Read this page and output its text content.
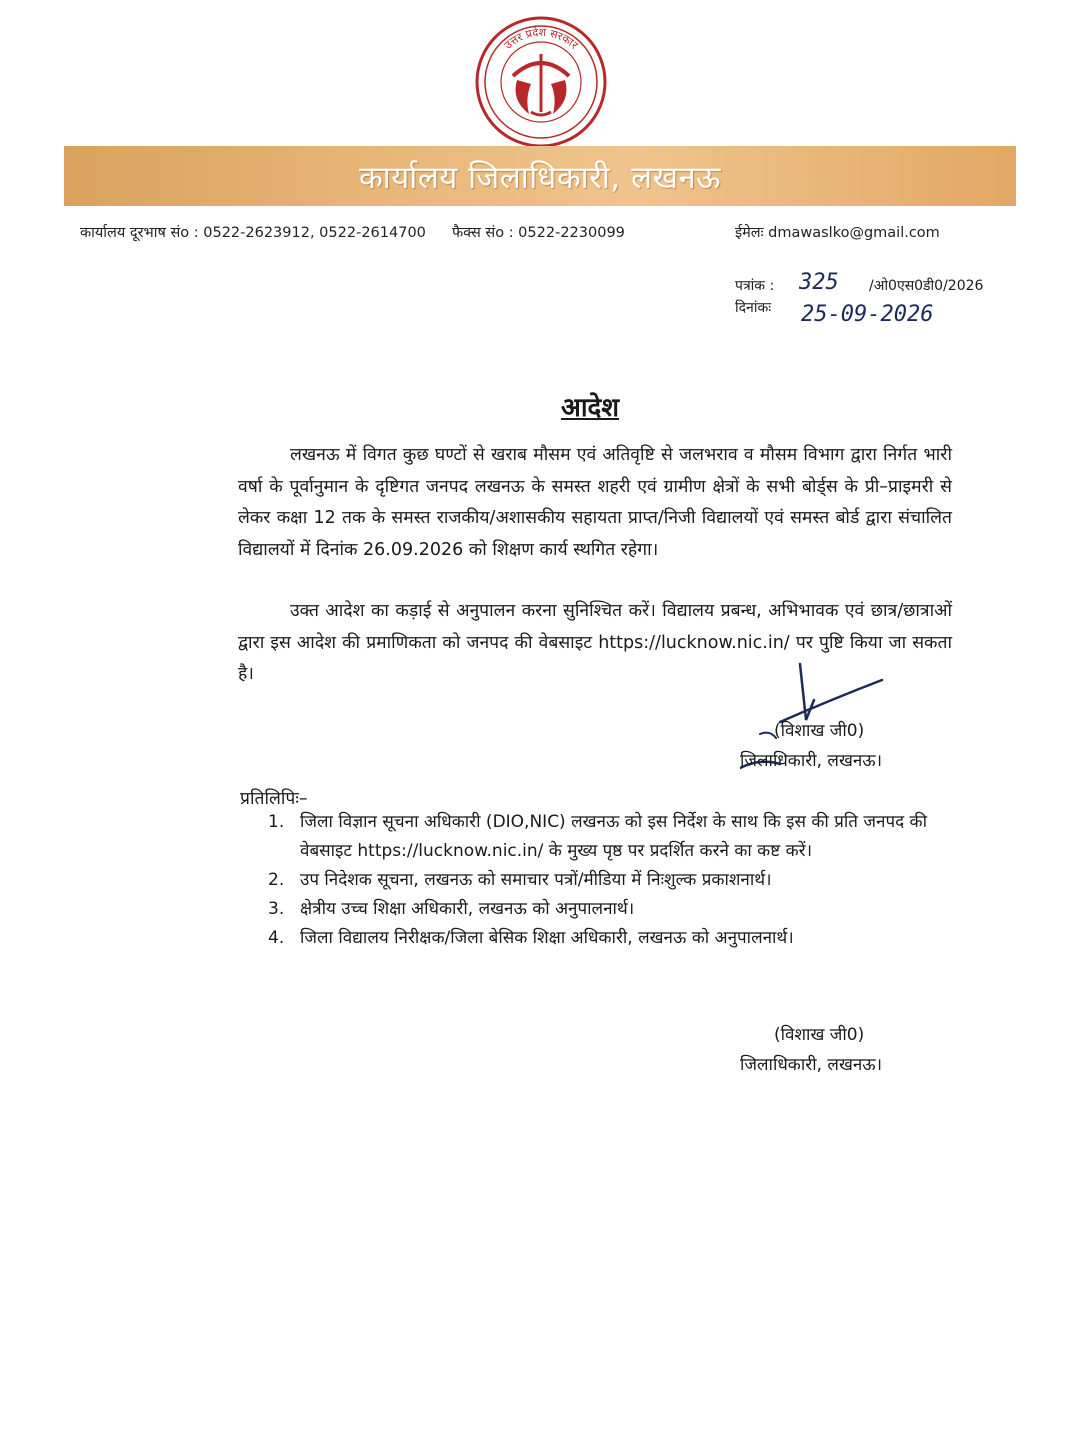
उत्तर प्रदेश सरकार
कार्यालय जिलाधिकारी, लखनऊ
कार्यालय दूरभाष संo : 0522-2623912, 0522-2614700 फैक्स संo : 0522-2230099	ईमेलः dmawaslko@gmail.com
पत्रांक : 325 /ओ0एस0डी0/2026
दिनांकः 25-09-2026
आदेश
लखनऊ में विगत कुछ घण्टों से खराब मौसम एवं अतिवृष्टि से जलभराव व मौसम विभाग द्वारा निर्गत भारी वर्षा के पूर्वानुमान के दृष्टिगत जनपद लखनऊ के समस्त शहरी एवं ग्रामीण क्षेत्रों के सभी बोर्ड्स के प्री–प्राइमरी से लेकर कक्षा 12 तक के समस्त राजकीय/अशासकीय सहायता प्राप्त/निजी विद्यालयों एवं समस्त बोर्ड द्वारा संचालित विद्यालयों में दिनांक 26.09.2026 को शिक्षण कार्य स्थगित रहेगा।
उक्त आदेश का कड़ाई से अनुपालन करना सुनिश्चित करें। विद्यालय प्रबन्ध, अभिभावक एवं छात्र/छात्राओं द्वारा इस आदेश की प्रमाणिकता को जनपद की वेबसाइट https://lucknow.nic.in/ पर पुष्टि किया जा सकता है।
(विशाख जी0)
जिलाधिकारी, लखनऊ।
प्रतिलिपिः–
1. जिला विज्ञान सूचना अधिकारी (DIO,NIC) लखनऊ को इस निर्देश के साथ कि इस की प्रति जनपद की वेबसाइट https://lucknow.nic.in/ के मुख्य पृष्ठ पर प्रदर्शित करने का कष्ट करें।
2. उप निदेशक सूचना, लखनऊ को समाचार पत्रों/मीडिया में निःशुल्क प्रकाशनार्थ।
3. क्षेत्रीय उच्च शिक्षा अधिकारी, लखनऊ को अनुपालनार्थ।
4. जिला विद्यालय निरीक्षक/जिला बेसिक शिक्षा अधिकारी, लखनऊ को अनुपालनार्थ।
(विशाख जी0)
जिलाधिकारी, लखनऊ।
